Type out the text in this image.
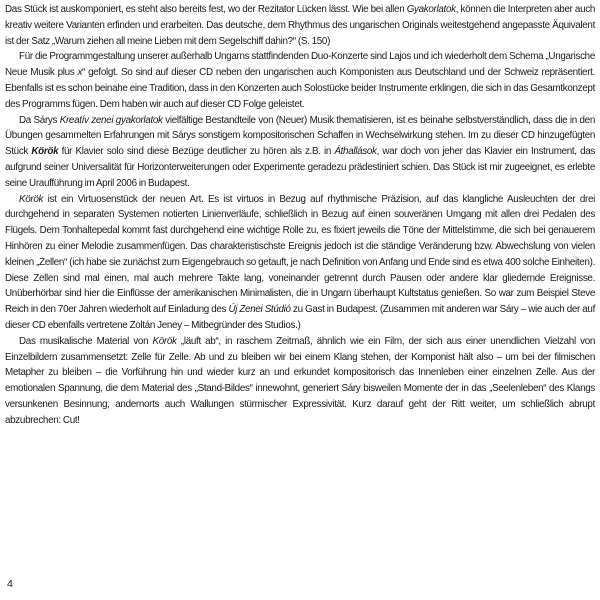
Das Stück ist auskomponiert, es steht also bereits fest, wo der Rezitator Lücken lässt. Wie bei allen Gyakorlatok, können die Interpreten aber auch kreativ weitere Varianten erfinden und erarbeiten. Das deutsche, dem Rhythmus des ungarischen Originals weitestgehend angepasste Äquivalent ist der Satz „Warum ziehen all meine Lieben mit dem Segelschiff dahin?“ (S. 150)

Für die Programmgestaltung unserer außerhalb Ungarns stattfindenden Duo-Konzerte sind Lajos und ich wiederholt dem Schema „Ungarische Neue Musik plus x“ gefolgt. So sind auf dieser CD neben den ungarischen auch Komponisten aus Deutschland und der Schweiz repräsentiert. Ebenfalls ist es schon beinahe eine Tradition, dass in den Konzerten auch Solostücke beider Instrumente erklingen, die sich in das Gesamtkonzept des Programms fügen. Dem haben wir auch auf dieser CD Folge geleistet.

Da Sárys Kreatív zenei gyakorlatok vielfältige Bestandteile von (Neuer) Musik thematisieren, ist es beinahe selbstverständlich, dass die in den Übungen gesammelten Erfahrungen mit Sárys sonstigem kompositorischen Schaffen in Wechselwirkung stehen. Im zu dieser CD hinzugefügten Stück Körök für Klavier solo sind diese Bezüge deutlicher zu hören als z.B. in Áthallások, war doch von jeher das Klavier ein Instrument, das aufgrund seiner Universalität für Horizonterweiterungen oder Experimente geradezu prädestiniert schien. Das Stück ist mir zugeeignet, es erlebte seine Uraufführung im April 2006 in Budapest.

Körök ist ein Virtuosenstück der neuen Art. Es ist virtuos in Bezug auf rhythmische Präzision, auf das klangliche Ausleuchten der drei durchgehend in separaten Systemen notierten Linienverläufe, schließlich in Bezug auf einen souveränen Umgang mit allen drei Pedalen des Flügels. Dem Tonhaltepedal kommt fast durchgehend eine wichtige Rolle zu, es fixiert jeweils die Töne der Mittelstimme, die sich bei genauerem Hinhören zu einer Melodie zusammenfügen. Das charakteristischste Ereignis jedoch ist die ständige Veränderung bzw. Abwechslung von vielen kleinen „Zellen“ (ich habe sie zunächst zum Eigengebrauch so getauft, je nach Definition von Anfang und Ende sind es etwa 400 solche Einheiten). Diese Zellen sind mal einen, mal auch mehrere Takte lang, voneinander getrennt durch Pausen oder andere klar gliedernde Ereignisse. Unüberhörbar sind hier die Einflüsse der amerikanischen Minimalisten, die in Ungarn überhaupt Kultstatus genießen. So war zum Beispiel Steve Reich in den 70er Jahren wiederholt auf Einladung des Új Zenei Stúdió zu Gast in Budapest. (Zusammen mit anderen war Sáry – wie auch der auf dieser CD ebenfalls vertretene Zoltán Jeney – Mitbegründer des Studios.)

Das musikalische Material von Körök „läuft ab“, in raschem Zeitmaß, ähnlich wie ein Film, der sich aus einer unendlichen Vielzahl von Einzelbildern zusammensetzt: Zelle für Zelle. Ab und zu bleiben wir bei einem Klang stehen, der Komponist hält also – um bei der filmischen Metapher zu bleiben – die Vorführung hin und wieder kurz an und erkundet kompositorisch das Innenleben einer einzelnen Zelle. Aus der emotionalen Spannung, die dem Material des „Stand-Bildes“ innewohnt, generiert Sáry bisweilen Momente der in das „Seelenleben“ des Klangs versunkenen Besinnung, andernorts auch Wallungen stürmischer Expressivität. Kurz darauf geht der Ritt weiter, um schließlich abrupt abzubrechen: Cut!

4
